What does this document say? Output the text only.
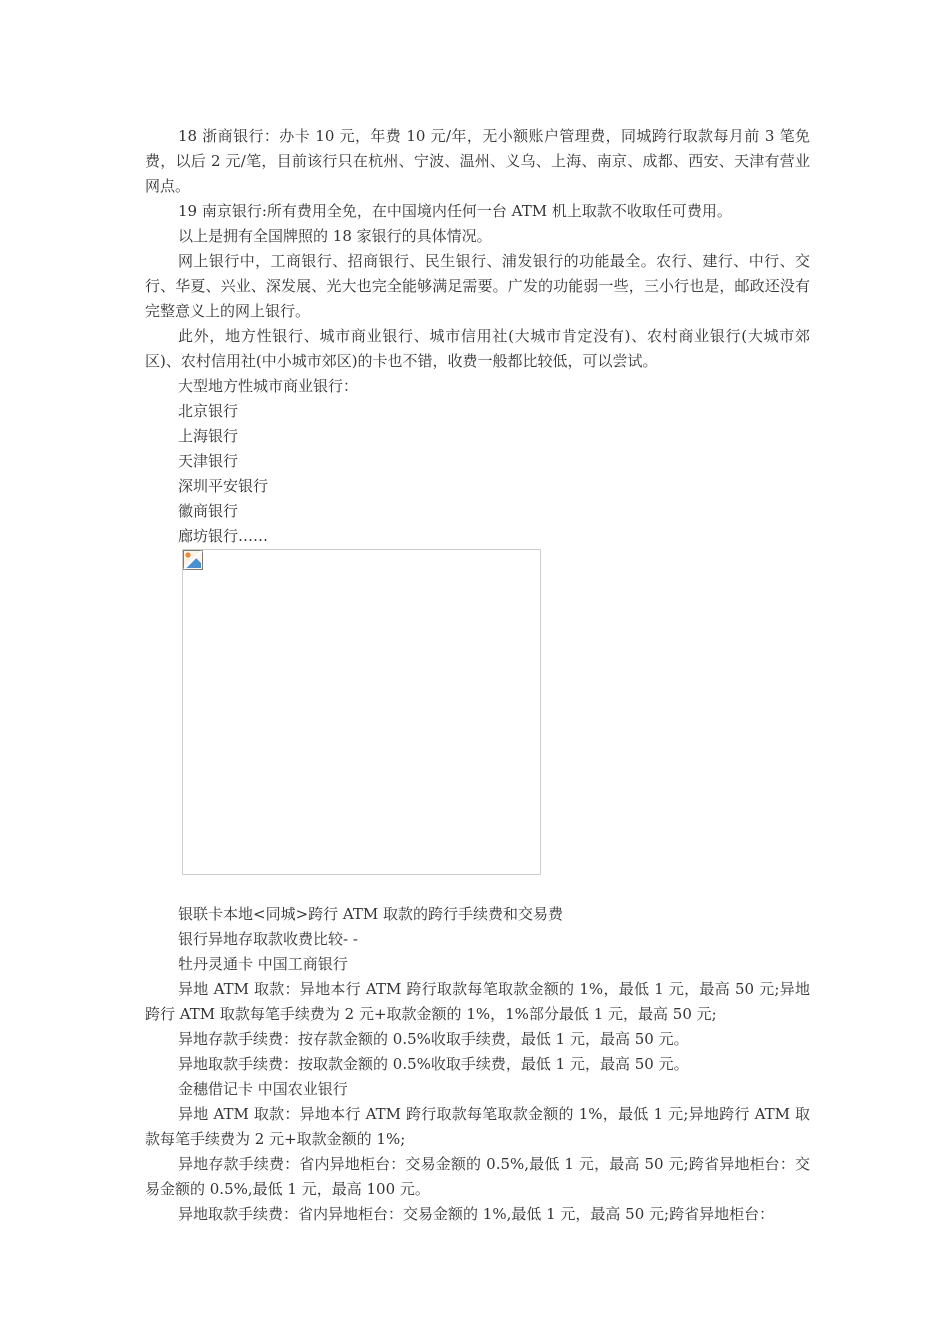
18 浙商银行：办卡 10 元，年费 10 元/年，无小额账户管理费，同城跨行取款每月前 3 笔免费，以后 2 元/笔，目前该行只在杭州、宁波、温州、义乌、上海、南京、成都、西安、天津有营业网点。

19 南京银行:所有费用全免，在中国境内任何一台 ATM 机上取款不收取任可费用。

以上是拥有全国牌照的 18 家银行的具体情况。

网上银行中，工商银行、招商银行、民生银行、浦发银行的功能最全。农行、建行、中行、交行、华夏、兴业、深发展、光大也完全能够满足需要。广发的功能弱一些，三小行也是，邮政还没有完整意义上的网上银行。

此外，地方性银行、城市商业银行、城市信用社(大城市肯定没有)、农村商业银行(大城市郊区)、农村信用社(中小城市郊区)的卡也不错，收费一般都比较低，可以尝试。

大型地方性城市商业银行：

北京银行

上海银行

天津银行

深圳平安银行

徽商银行

廊坊银行……

银联卡本地<同城>跨行 ATM 取款的跨行手续费和交易费

银行异地存取款收费比较- -

牡丹灵通卡 中国工商银行

异地 ATM 取款：异地本行 ATM 跨行取款每笔取款金额的 1%，最低 1 元，最高 50 元;异地跨行 ATM 取款每笔手续费为 2 元+取款金额的 1%，1%部分最低 1 元，最高 50 元;

异地存款手续费：按存款金额的 0.5%收取手续费，最低 1 元，最高 50 元。

异地取款手续费：按取款金额的 0.5%收取手续费，最低 1 元，最高 50 元。

金穗借记卡 中国农业银行

异地 ATM 取款：异地本行 ATM 跨行取款每笔取款金额的 1%，最低 1 元;异地跨行 ATM 取款每笔手续费为 2 元+取款金额的 1%;

异地存款手续费：省内异地柜台：交易金额的 0.5%,最低 1 元，最高 50 元;跨省异地柜台：交易金额的 0.5%,最低 1 元，最高 100 元。

异地取款手续费：省内异地柜台：交易金额的 1%,最低 1 元，最高 50 元;跨省异地柜台：
